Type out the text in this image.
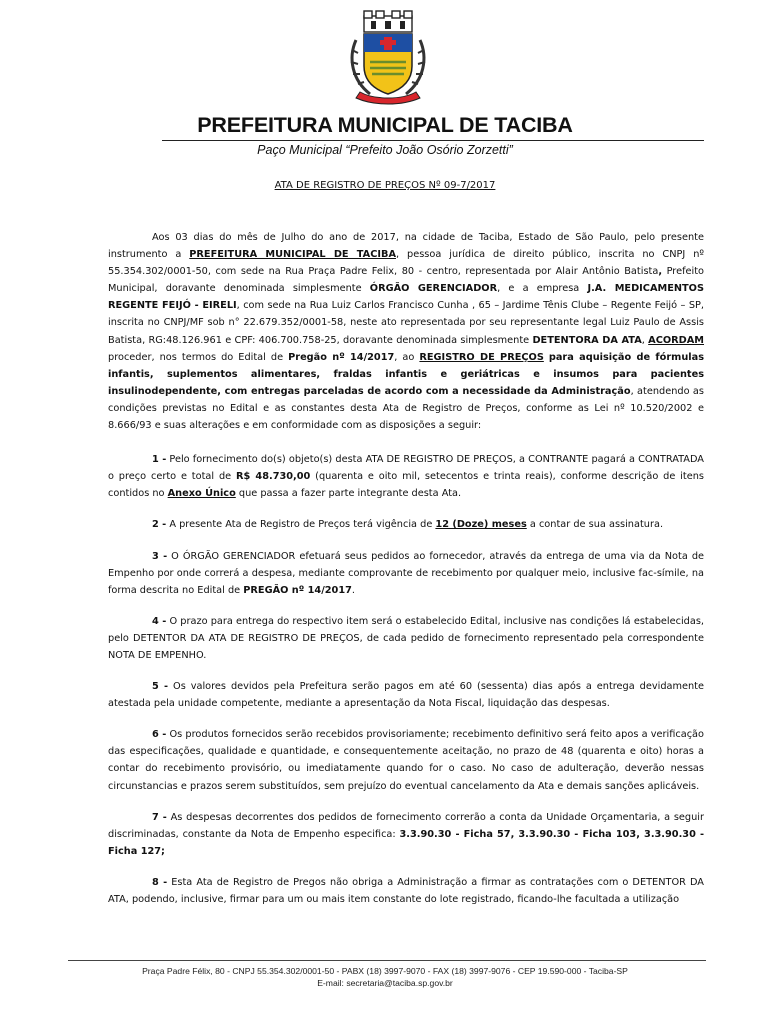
PREFEITURA MUNICIPAL DE TACIBA
Paço Municipal “Prefeito João Osório Zorzetti”
ATA DE REGISTRO DE PREÇOS Nº 09-7/2017

Aos 03 dias do mês de Julho do ano de 2017, na cidade de Taciba, Estado de São Paulo, pelo presente instrumento a PREFEITURA MUNICIPAL DE TACIBA, pessoa jurídica de direito público, inscrita no CNPJ nº 55.354.302/0001-50, com sede na Rua Praça Padre Felix, 80 - centro, representada por Alair Antônio Batista, Prefeito Municipal, doravante denominada simplesmente ÓRGÃO GERENCIADOR, e a empresa J.A. MEDICAMENTOS REGENTE FEIJÓ - EIRELI, com sede na Rua Luiz Carlos Francisco Cunha , 65 – Jardime Tênis Clube – Regente Feijó – SP, inscrita no CNPJ/MF sob n° 22.679.352/0001-58, neste ato representada por seu representante legal Luiz Paulo de Assis Batista, RG:48.126.961 e CPF: 406.700.758-25, doravante denominada simplesmente DETENTORA DA ATA, ACORDAM proceder, nos termos do Edital de Pregão nº 14/2017, ao REGISTRO DE PREÇOS para aquisição de fórmulas infantis, suplementos alimentares, fraldas infantis e geriátricas e insumos para pacientes insulinodependente, com entregas parceladas de acordo com a necessidade da Administração, atendendo as condições previstas no Edital e as constantes desta Ata de Registro de Preços, conforme as Lei nº 10.520/2002 e 8.666/93 e suas alterações e em conformidade com as disposições a seguir:

1 - Pelo fornecimento do(s) objeto(s) desta ATA DE REGISTRO DE PREÇOS, a CONTRANTE pagará a CONTRATADA o preço certo e total de R$ 48.730,00 (quarenta e oito mil, setecentos e trinta reais), conforme descrição de itens contidos no Anexo Único que passa a fazer parte integrante desta Ata.

2 - A presente Ata de Registro de Preços terá vigência de 12 (Doze) meses a contar de sua assinatura.

3 - O ÓRGÃO GERENCIADOR efetuará seus pedidos ao fornecedor, através da entrega de uma via da Nota de Empenho por onde correrá a despesa, mediante comprovante de recebimento por qualquer meio, inclusive fac-símile, na forma descrita no Edital de PREGÃO nº 14/2017.

4 - O prazo para entrega do respectivo item será o estabelecido Edital, inclusive nas condições lá estabelecidas, pelo DETENTOR DA ATA DE REGISTRO DE PREÇOS, de cada pedido de fornecimento representado pela correspondente NOTA DE EMPENHO.

5 - Os valores devidos pela Prefeitura serão pagos em até 60 (sessenta) dias após a entrega devidamente atestada pela unidade competente, mediante a apresentação da Nota Fiscal, liquidação das despesas.

6 - Os produtos fornecidos serão recebidos provisoriamente; recebimento definitivo será feito apos a verificação das especificações, qualidade e quantidade, e consequentemente aceitação, no prazo de 48 (quarenta e oito) horas a contar do recebimento provisório, ou imediatamente quando for o caso. No caso de adulteração, deverão nessas circunstancias e prazos serem substituídos, sem prejuízo do eventual cancelamento da Ata e demais sanções aplicáveis.

7 - As despesas decorrentes dos pedidos de fornecimento correrão a conta da Unidade Orçamentaria, a seguir discriminadas, constante da Nota de Empenho especifica: 3.3.90.30 - Ficha 57, 3.3.90.30 - Ficha 103, 3.3.90.30 - Ficha 127;

8 - Esta Ata de Registro de Pregos não obriga a Administração a firmar as contratações com o DETENTOR DA ATA, podendo, inclusive, firmar para um ou mais item constante do lote registrado, ficando-lhe facultada a utilização

Praça Padre Félix, 80 - CNPJ 55.354.302/0001-50 - PABX (18) 3997-9070 - FAX (18) 3997-9076 - CEP 19.590-000 - Taciba-SP
E-mail: secretaria@taciba.sp.gov.br
